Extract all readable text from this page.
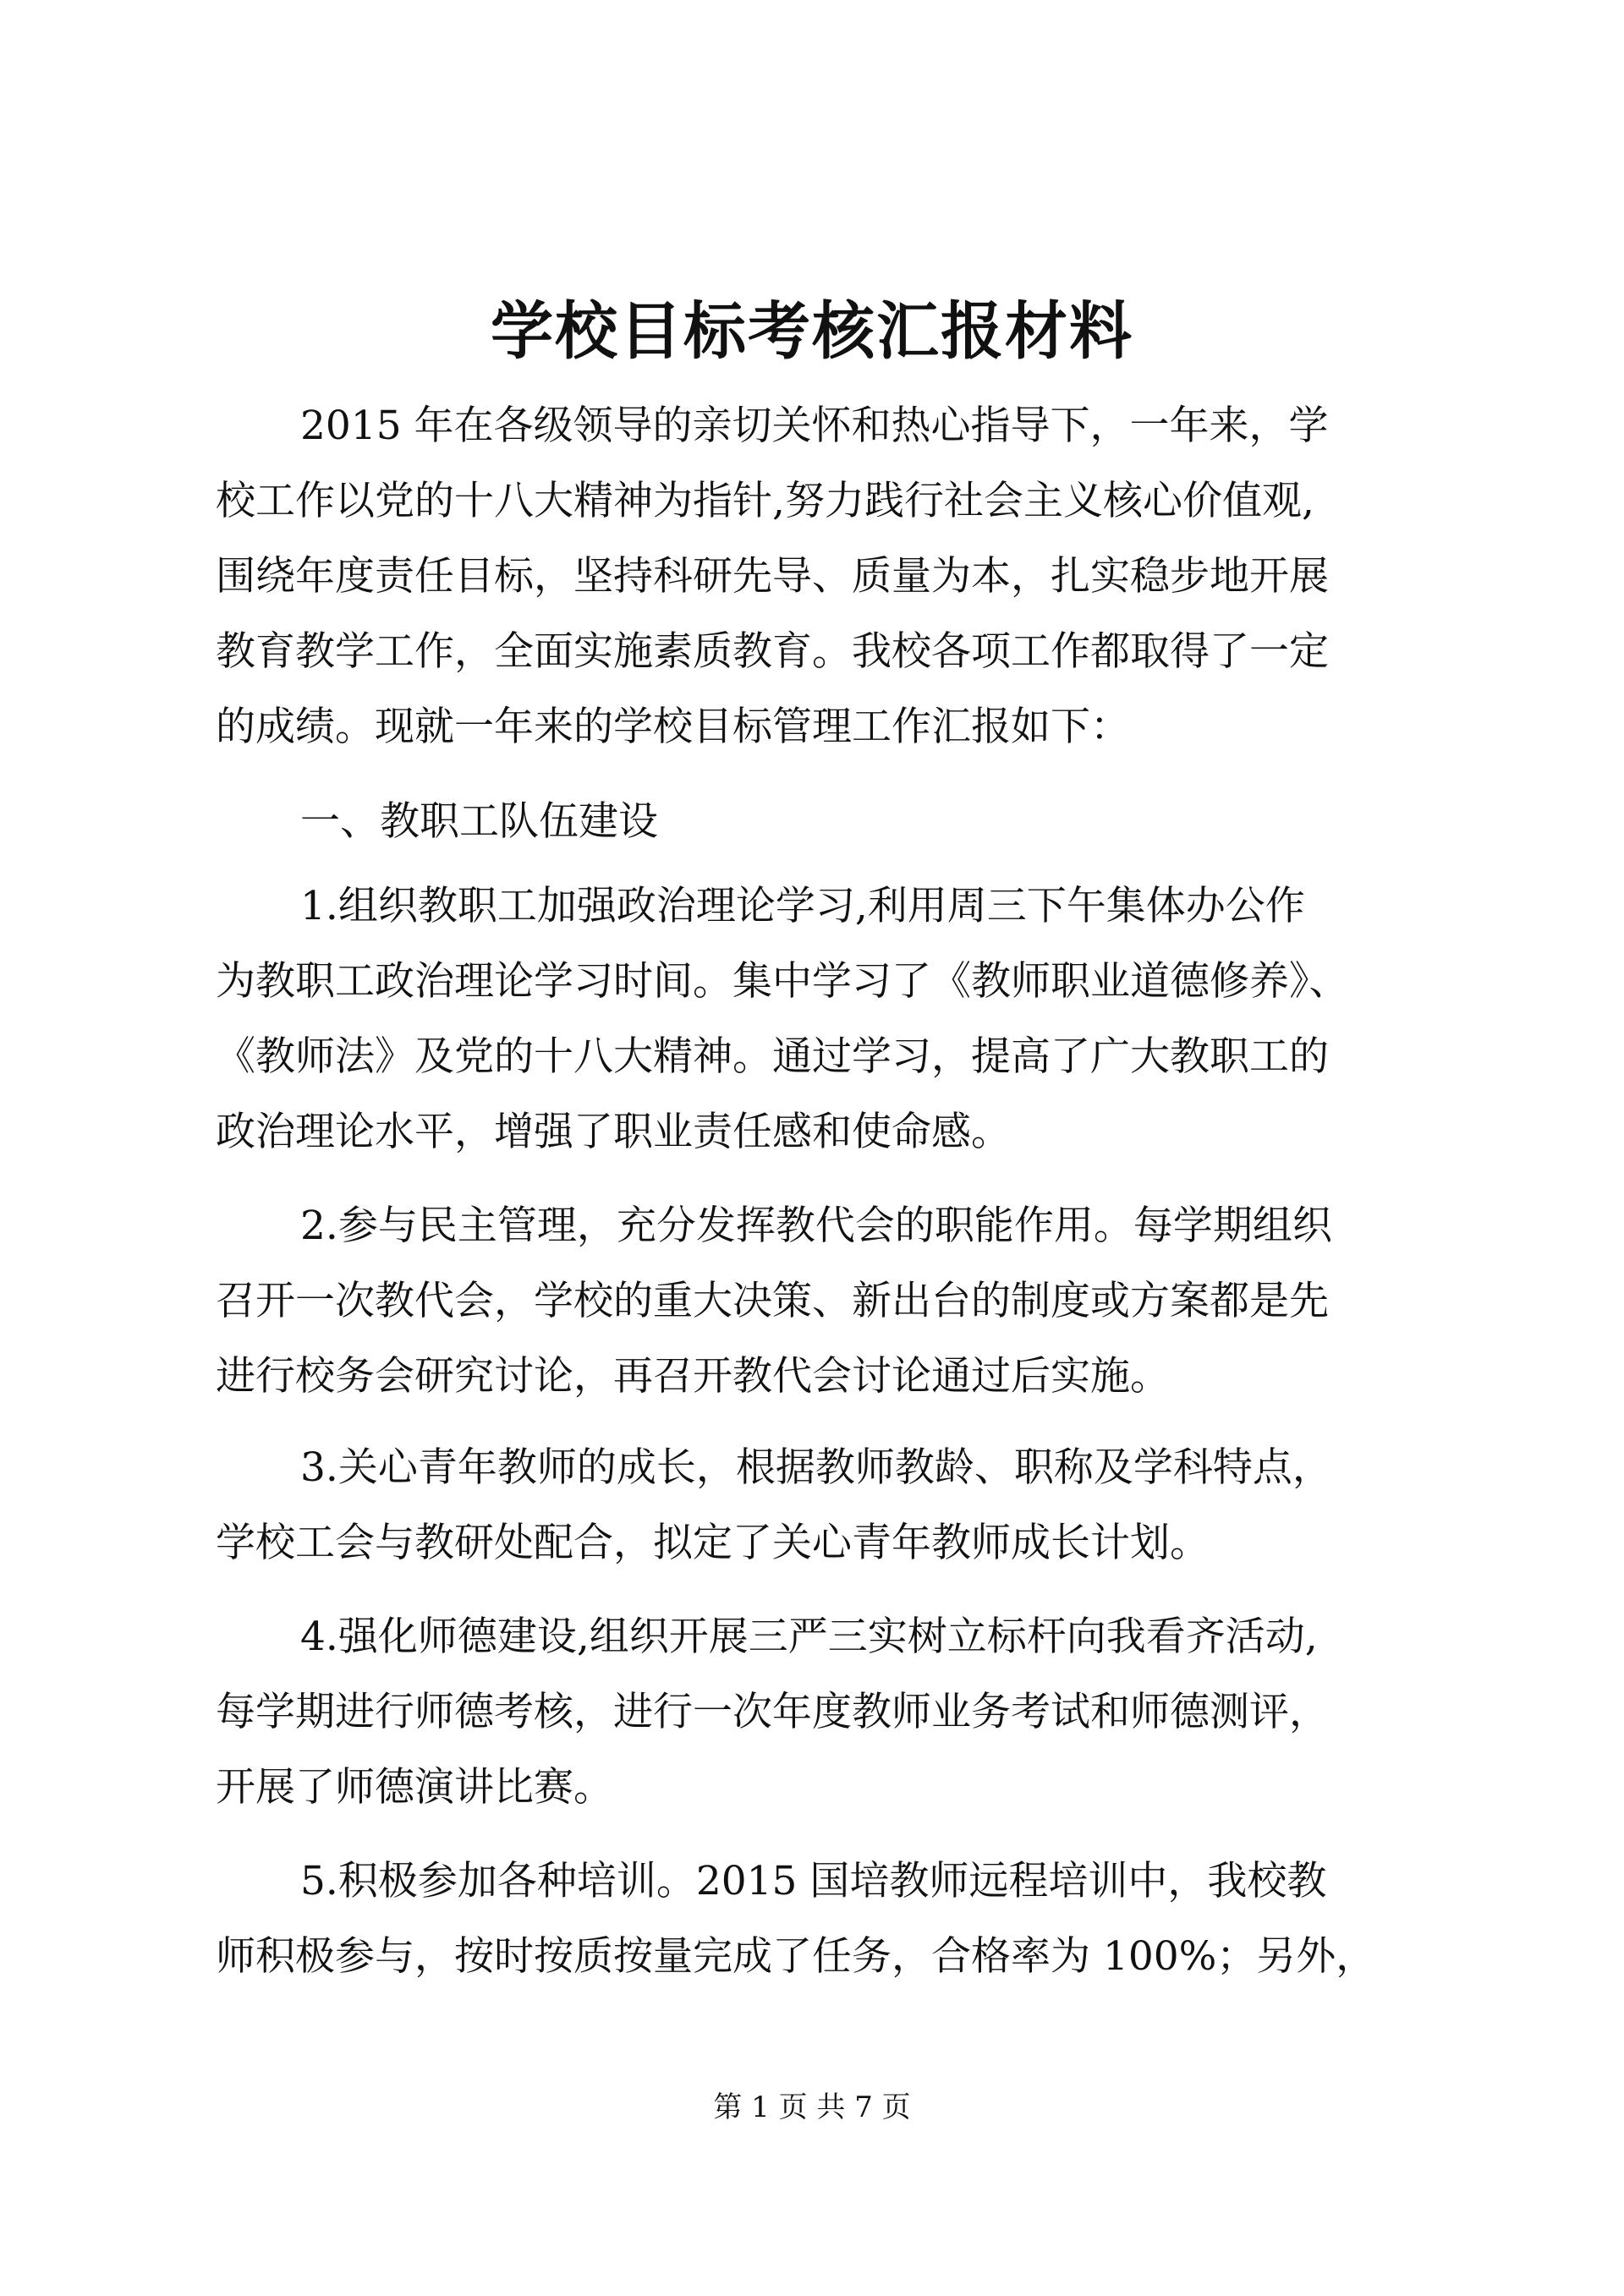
学校目标考核汇报材料

2015 年在各级领导的亲切关怀和热心指导下，一年来，学

校工作以党的十八大精神为指针,努力践行社会主义核心价值观,

围绕年度责任目标，坚持科研先导、质量为本，扎实稳步地开展

教育教学工作，全面实施素质教育。我校各项工作都取得了一定

的成绩。现就一年来的学校目标管理工作汇报如下：

一、教职工队伍建设

1.组织教职工加强政治理论学习,利用周三下午集体办公作

为教职工政治理论学习时间。集中学习了《教师职业道德修养》、

《教师法》及党的十八大精神。通过学习，提高了广大教职工的

政治理论水平，增强了职业责任感和使命感。

2.参与民主管理，充分发挥教代会的职能作用。每学期组织

召开一次教代会，学校的重大决策、新出台的制度或方案都是先

进行校务会研究讨论，再召开教代会讨论通过后实施。

3.关心青年教师的成长，根据教师教龄、职称及学科特点，

学校工会与教研处配合，拟定了关心青年教师成长计划。

4.强化师德建设,组织开展三严三实树立标杆向我看齐活动,

每学期进行师德考核，进行一次年度教师业务考试和师德测评，

开展了师德演讲比赛。

5.积极参加各种培训。2015 国培教师远程培训中，我校教

师积极参与，按时按质按量完成了任务，合格率为 100%；另外，

第 1 页 共 7 页
